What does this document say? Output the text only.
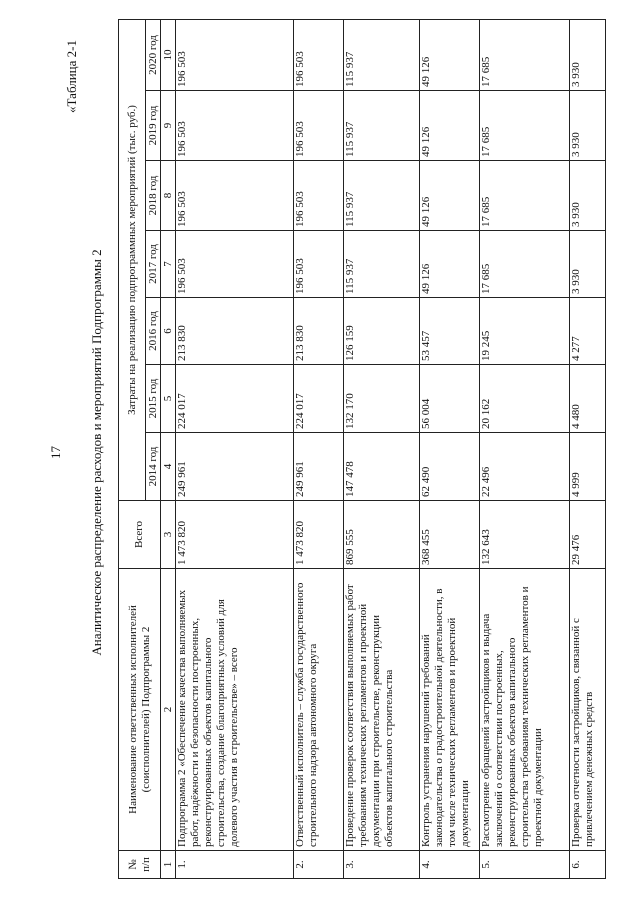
17
«Таблица 2-1
Аналитическое распределение расходов и мероприятий Подпрограммы 2
№ п/п	Наименование ответственных исполнителей (соисполнителей) Подпрограммы 2	Всего	Затраты на реализацию подпрограммных мероприятий (тыс. руб.)						
			2014 год	2015 год	2016 год	2017 год	2018 год	2019 год	2020 год
1	2	3	4	5	6	7	8	9	10
1.	Подпрограмма 2 «Обеспечение качества выполняемых работ, надёжности и безопасности построенных, реконструированных объектов капитального строительства, создание благоприятных условий для долевого участия в строительстве» – всего	1 473 820	249 961	224 017	213 830	196 503	196 503	196 503	196 503
2.	Ответственный исполнитель – служба государственного строительного надзора автономного округа	1 473 820	249 961	224 017	213 830	196 503	196 503	196 503	196 503
3.	Проведение проверок соответствия выполняемых работ требованиям технических регламентов и проектной документации при строительстве, реконструкции объектов капитального строительства	869 555	147 478	132 170	126 159	115 937	115 937	115 937	115 937
4.	Контроль устранения нарушений требований законодательства о градостроительной деятельности, в том числе технических регламентов и проектной документации	368 455	62 490	56 004	53 457	49 126	49 126	49 126	49 126
5.	Рассмотрение обращений застройщиков и выдача заключений о соответствии построенных, реконструированных объектов капитального строительства требованиям технических регламентов и проектной документации	132 643	22 496	20 162	19 245	17 685	17 685	17 685	17 685
6.	Проверка отчетности застройщиков, связанной с привлечением денежных средств	29 476	4 999	4 480	4 277	3 930	3 930	3 930	3 930
